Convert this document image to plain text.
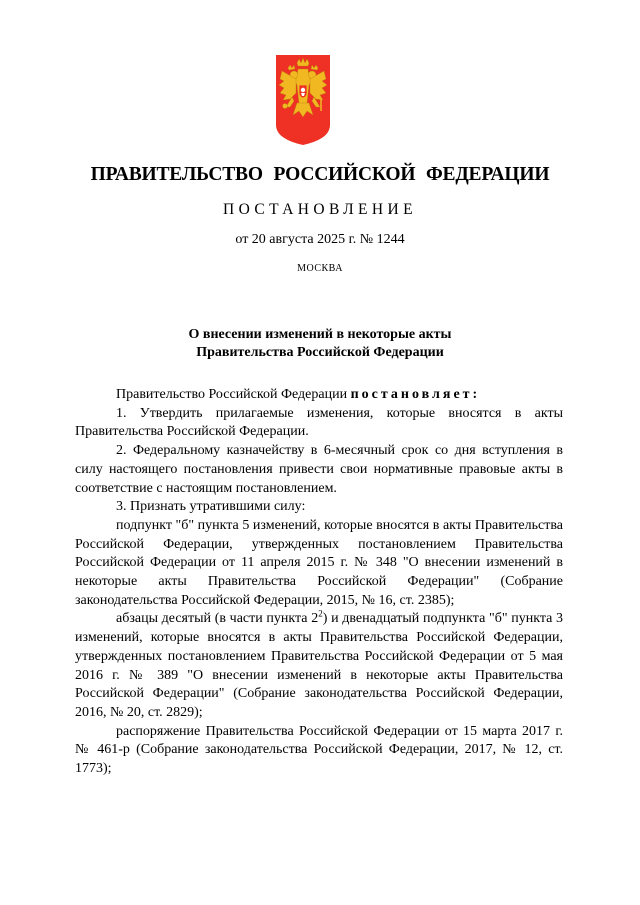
ПРАВИТЕЛЬСТВО РОССИЙСКОЙ ФЕДЕРАЦИИ
ПОСТАНОВЛЕНИЕ
от 20 августа 2025 г. № 1244
МОСКВА
О внесении изменений в некоторые акты
Правительства Российской Федерации

Правительство Российской Федерации постановляет:

1. Утвердить прилагаемые изменения, которые вносятся в акты Правительства Российской Федерации.

2. Федеральному казначейству в 6-месячный срок со дня вступления в силу настоящего постановления привести свои нормативные правовые акты в соответствие с настоящим постановлением.

3. Признать утратившими силу:

подпункт "б" пункта 5 изменений, которые вносятся в акты Правительства Российской Федерации, утвержденных постановлением Правительства Российской Федерации от 11 апреля 2015 г. № 348 "О внесении изменений в некоторые акты Правительства Российской Федерации" (Собрание законодательства Российской Федерации, 2015, № 16, ст. 2385);

абзацы десятый (в части пункта $2^2$) и двенадцатый подпункта "б" пункта 3 изменений, которые вносятся в акты Правительства Российской Федерации, утвержденных постановлением Правительства Российской Федерации от 5 мая 2016 г. № 389 "О внесении изменений в некоторые акты Правительства Российской Федерации" (Собрание законодательства Российской Федерации, 2016, № 20, ст. 2829);

распоряжение Правительства Российской Федерации от 15 марта 2017 г. № 461-р (Собрание законодательства Российской Федерации, 2017, № 12, ст. 1773);
